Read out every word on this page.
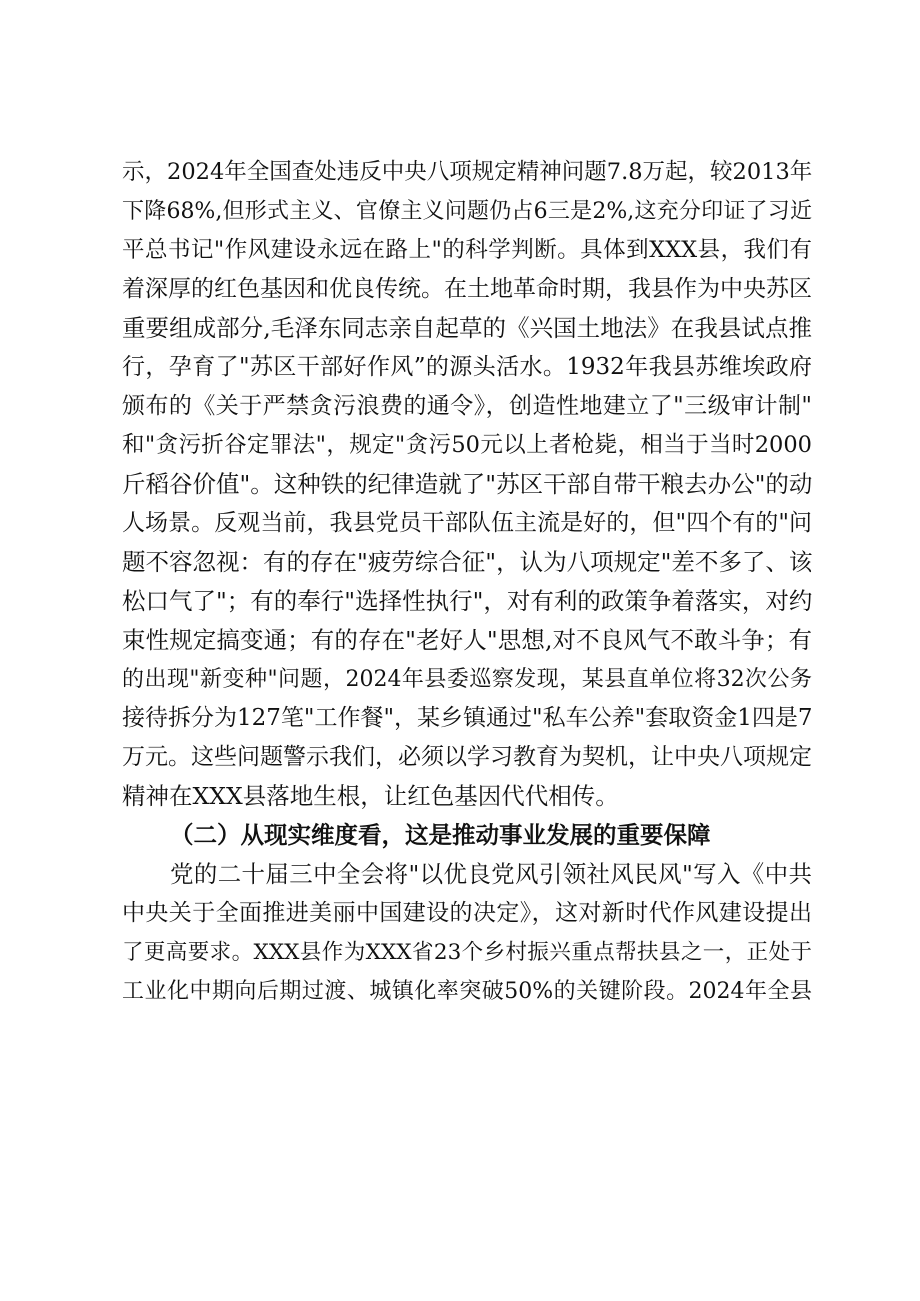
示，2024年全国查处违反中央八项规定精神问题7.8万起，较2013年
下降68%,但形式主义、官僚主义问题仍占6三是2%,这充分印证了习近
平总书记"作风建设永远在路上"的科学判断。具体到XXX县，我们有
着深厚的红色基因和优良传统。在土地革命时期，我县作为中央苏区
重要组成部分,毛泽东同志亲自起草的《兴国土地法》在我县试点推
行，孕育了"苏区干部好作风”的源头活水。1932年我县苏维埃政府
颁布的《关于严禁贪污浪费的通令》，创造性地建立了"三级审计制"
和"贪污折谷定罪法"，规定"贪污50元以上者枪毙，相当于当时2000
斤稻谷价值"。这种铁的纪律造就了"苏区干部自带干粮去办公"的动
人场景。反观当前，我县党员干部队伍主流是好的，但"四个有的"问
题不容忽视：有的存在"疲劳综合征"，认为八项规定"差不多了、该
松口气了"；有的奉行"选择性执行"，对有利的政策争着落实，对约
束性规定搞变通；有的存在"老好人"思想,对不良风气不敢斗争；有
的出现"新变种"问题，2024年县委巡察发现，某县直单位将32次公务
接待拆分为127笔"工作餐"，某乡镇通过"私车公养"套取资金1四是7
万元。这些问题警示我们，必须以学习教育为契机，让中央八项规定
精神在XXX县落地生根，让红色基因代代相传。
（二）从现实维度看，这是推动事业发展的重要保障
党的二十届三中全会将"以优良党风引领社风民风"写入《中共
中央关于全面推进美丽中国建设的决定》，这对新时代作风建设提出
了更高要求。XXX县作为XXX省23个乡村振兴重点帮扶县之一，正处于
工业化中期向后期过渡、城镇化率突破50%的关键阶段。2024年全县
